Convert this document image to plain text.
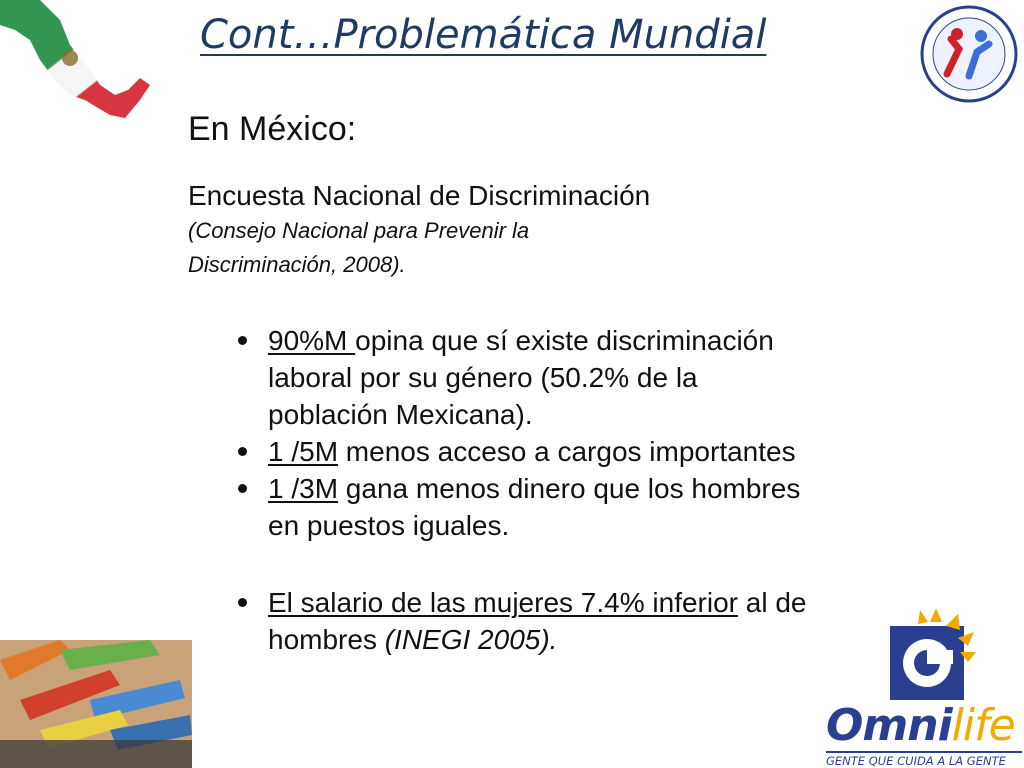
Cont…Problemática Mundial
En México:

Encuesta Nacional de Discriminación

(Consejo Nacional para Prevenir la Discriminación, 2008).

90%M opina que sí existe discriminación laboral por su género (50.2% de la población Mexicana).
1 /5M menos acceso a cargos importantes
1 /3M gana menos dinero que los hombres en puestos iguales.
El salario de las mujeres 7.4% inferior al de hombres (INEGI 2005).
Omnilife
GENTE QUE CUIDA A LA GENTE
